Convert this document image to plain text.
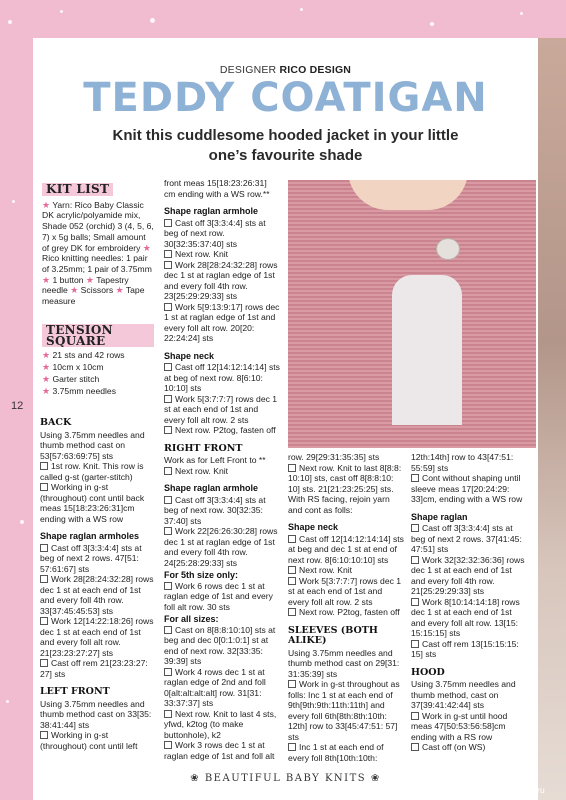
DESIGNER RICO DESIGN
TEDDY COATIGAN
Knit this cuddlesome hooded jacket in your little one’s favourite shade
KIT LIST

★ Yarn: Rico Baby Classic DK acrylic/polyamide mix, Shade 052 (orchid) 3 (4, 5, 6, 7) x 5g balls; Small amount of grey DK for embroidery ★ Rico knitting needles: 1 pair of 3.25mm; 1 pair of 3.75mm ★ 1 button ★ Tapestry needle ★ Scissors ★ Tape measure

TENSION SQUARE
★ 21 sts and 42 rows
★ 10cm x 10cm
★ Garter stitch
★ 3.75mm needles
12
BACK

Using 3.75mm needles and thumb method cast on 53[57:63:69:75] sts

1st row. Knit. This row is called g-st (garter-stitch)

Working in g-st (throughout) cont until back meas 15[18:23:26:31]cm ending with a WS row

Shape raglan armholes

Cast off 3[3:3:4:4] sts at beg of next 2 rows. 47[51: 57:61:67] sts

Work 28[28:24:32:28] rows dec 1 st at each end of 1st and every foll 4th row. 33[37:45:45:53] sts

Work 12[14:22:18:26] rows dec 1 st at each end of 1st and every foll alt row. 21[23:23:27:27] sts

Cast off rem 21[23:23:27: 27] sts

LEFT FRONT

Using 3.75mm needles and thumb method cast on 33[35: 38:41:44] sts

Working in g-st (throughout) cont until left

front meas 15[18:23:26:31] cm ending with a WS row.**

Shape raglan armhole

Cast off 3[3:3:4:4] sts at beg of next row. 30[32:35:37:40] sts

Next row. Knit

Work 28[28:24:32:28] rows dec 1 st at raglan edge of 1st and every foll 4th row. 23[25:29:29:33] sts

Work 5[9:13:9:17] rows dec 1 st at raglan edge of 1st and every foll alt row. 20[20: 22:24:24] sts

Shape neck

Cast off 12[14:12:14:14] sts at beg of next row. 8[6:10: 10:10] sts

Work 5[3:7:7:7] rows dec 1 st at each end of 1st and every foll alt row. 2 sts

Next row. P2tog, fasten off

RIGHT FRONT

Work as for Left Front to **

Next row. Knit

Shape raglan armhole

Cast off 3[3:3:4:4] sts at beg of next row. 30[32:35: 37:40] sts

Work 22[26:26:30:28] rows dec 1 st at raglan edge of 1st and every foll 4th row. 24[25:28:29:33] sts

For 5th size only:

Work 6 rows dec 1 st at raglan edge of 1st and every foll alt row. 30 sts

For all sizes:

Cast on 8[8:8:10:10] sts at beg and dec 0[0:1:0:1] st at end of next row. 32[33:35: 39:39] sts

Work 4 rows dec 1 st at raglan edge of 2nd and foll 0[alt:alt:alt:alt] row. 31[31: 33:37:37] sts

Next row. Knit to last 4 sts, yfwd, k2tog (to make buttonhole), k2

Work 3 rows dec 1 st at raglan edge of 1st and foll alt

row. 29[29:31:35:35] sts

Next row. Knit to last 8[8:8: 10:10] sts, cast off 8[8:8:10: 10] sts. 21[21:23:25:25] sts. With RS facing, rejoin yarn and cont as folls:

Shape neck

Cast off 12[14:12:14:14] sts at beg and dec 1 st at end of next row. 8[6:10:10:10] sts

Next row. Knit

Work 5[3:7:7:7] rows dec 1 st at each end of 1st and every foll alt row. 2 sts

Next row. P2tog, fasten off

SLEEVES (BOTH ALIKE)

Using 3.75mm needles and thumb method cast on 29[31: 31:35:39] sts

Work in g-st throughout as folls: Inc 1 st at each end of 9th[9th:9th:11th:11th] and every foll 6th[8th:8th:10th: 12th] row to 33[45:47:51: 57] sts

Inc 1 st at each end of every foll 8th[10th:10th:

12th:14th] row to 43[47:51: 55:59] sts

Cont without shaping until sleeve meas 17[20:24:29: 33]cm, ending with a WS row

Shape raglan

Cast off 3[3:3:4:4] sts at beg of next 2 rows. 37[41:45: 47:51] sts

Work 32[32:32:36:36] rows dec 1 st at each end of 1st and every foll 4th row. 21[25:29:29:33] sts

Work 8[10:14:14:18] rows dec 1 st at each end of 1st and every foll alt row. 13[15: 15:15:15] sts

Cast off rem 13[15:15:15: 15] sts

HOOD

Using 3.75mm needles and thumb method, cast on 37[39:41:42:44] sts

Work in g-st until hood meas 47[50:53:56:58]cm ending with a RS row

Cast off (on WS)

❀ BEAUTIFUL BABY KNITS ❀
PassionForum.ru
